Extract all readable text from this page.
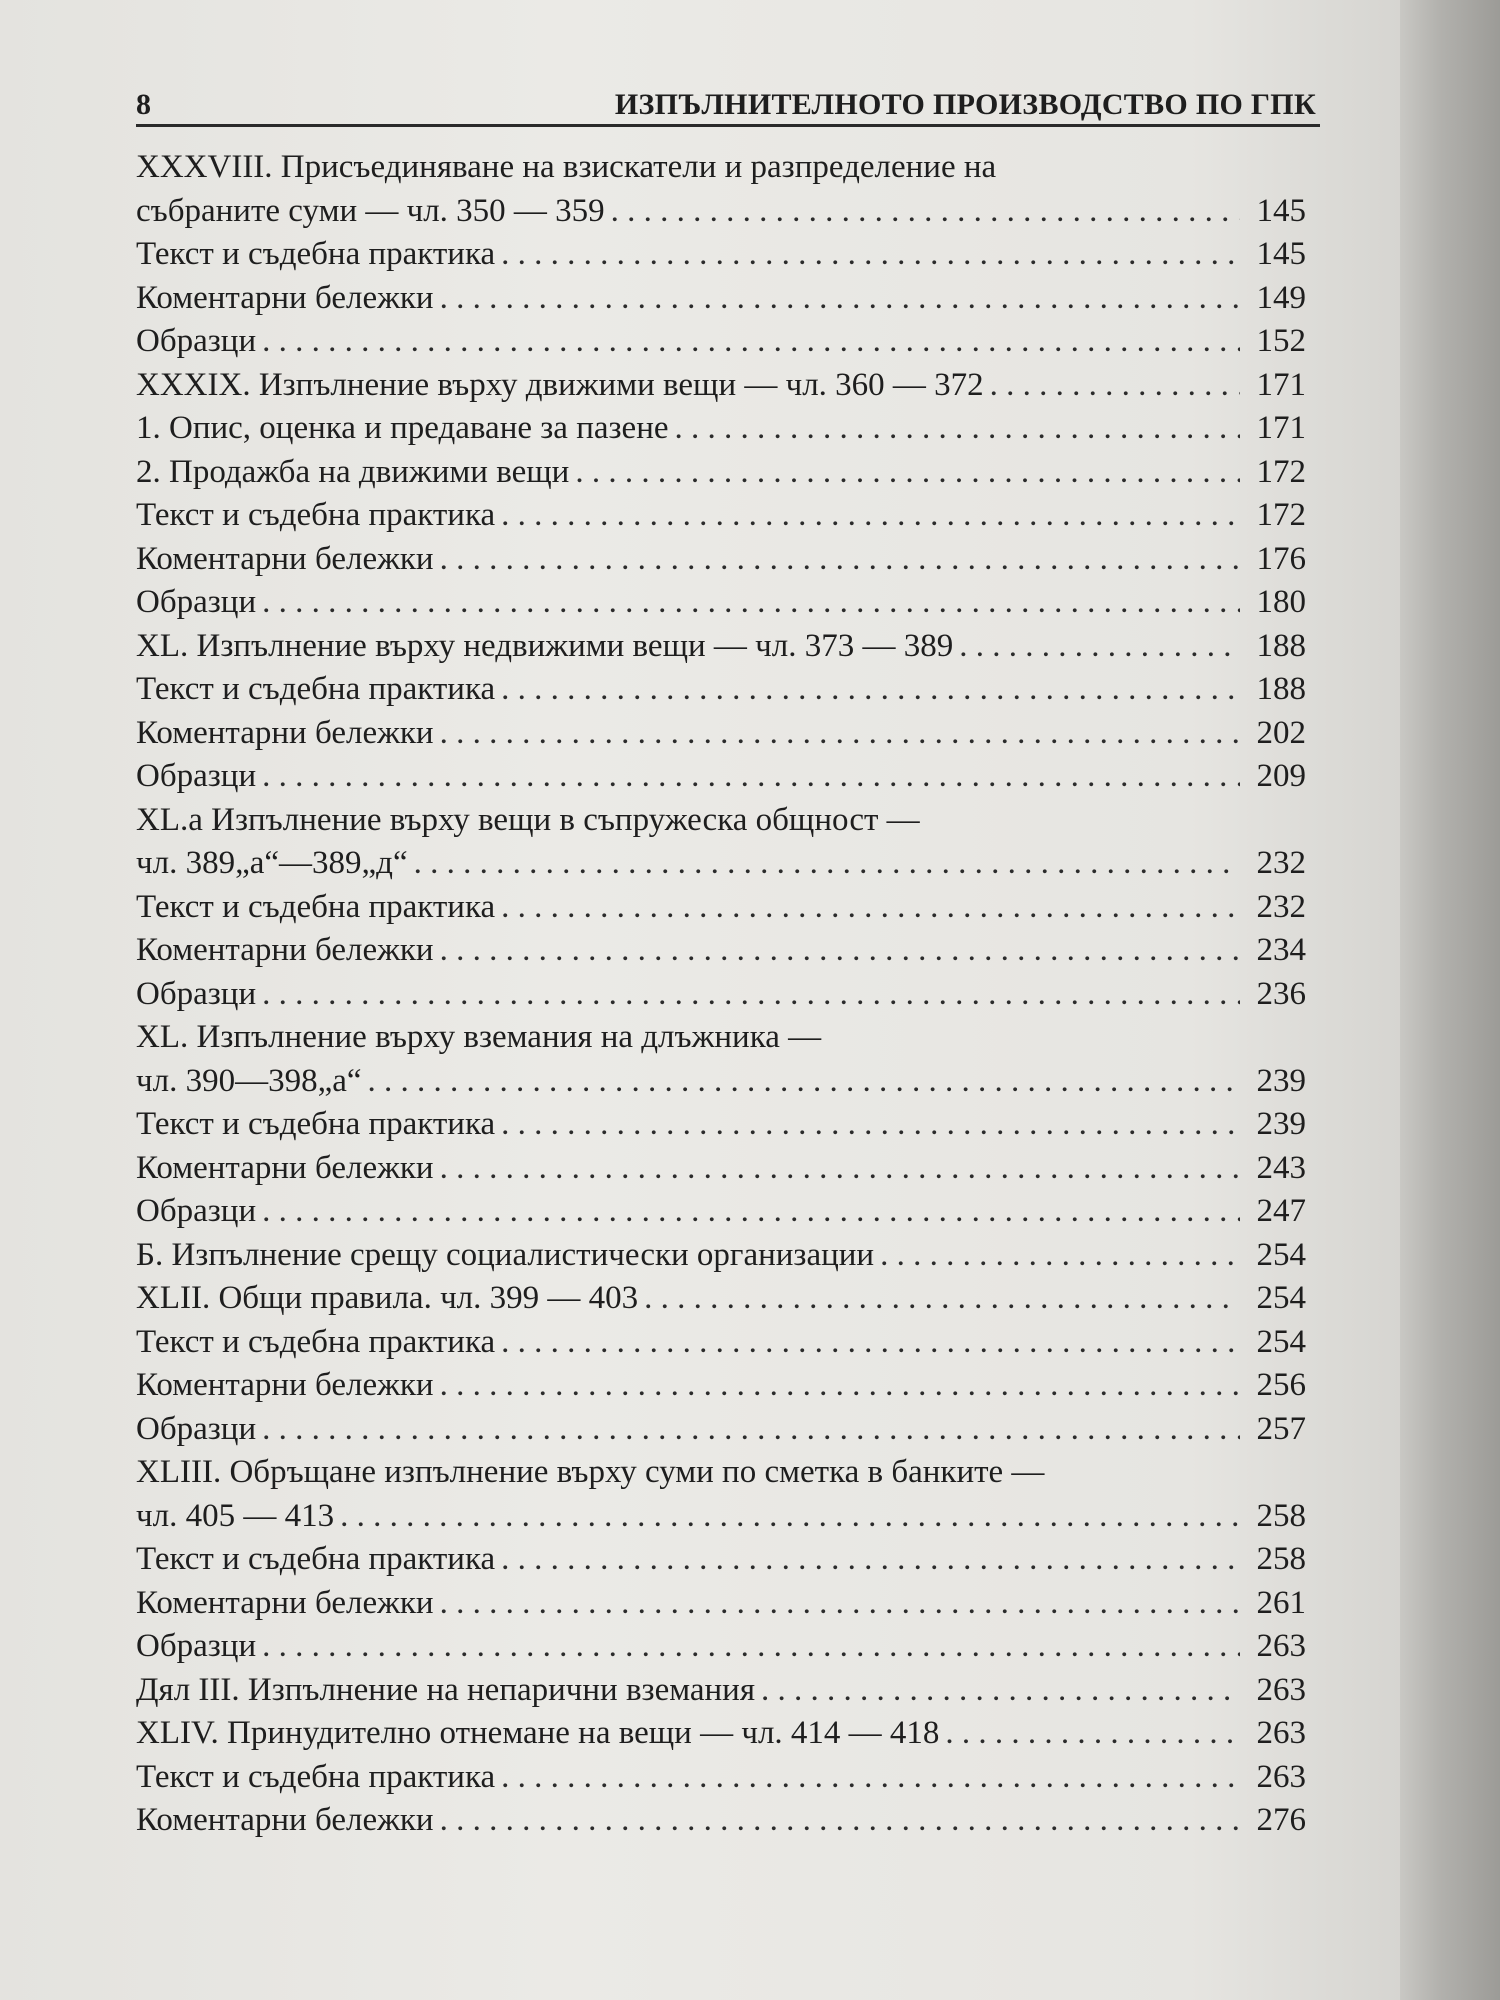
8	ИЗПЪЛНИТЕЛНОТО ПРОИЗВОДСТВО ПО ГПК
XXXVIII. Присъединяване на взискатели и разпределение на
събраните суми — чл. 350 — 359 . . .	145
Текст и съдебна практика . . .	145
Коментарни бележки . . .	149
Образци . . .	152
XXXIX. Изпълнение върху движими вещи — чл. 360 — 372 . . .	171
1. Опис, оценка и предаване за пазене . . .	171
2. Продажба на движими вещи . . .	172
Текст и съдебна практика . . .	172
Коментарни бележки . . .	176
Образци . . .	180
XL. Изпълнение върху недвижими вещи — чл. 373 — 389 . . .	188
Текст и съдебна практика . . .	188
Коментарни бележки . . .	202
Образци . . .	209
XL.а Изпълнение върху вещи в съпружеска общност —
чл. 389„а“—389„д“ . . .	232
Текст и съдебна практика . . .	232
Коментарни бележки . . .	234
Образци . . .	236
XL. Изпълнение върху вземания на длъжника —
чл. 390—398„а“ . . .	239
Текст и съдебна практика . . .	239
Коментарни бележки . . .	243
Образци . . .	247
Б. Изпълнение срещу социалистически организации . . .	254
XLII. Общи правила. чл. 399 — 403 . . .	254
Текст и съдебна практика . . .	254
Коментарни бележки . . .	256
Образци . . .	257
XLIII. Обръщане изпълнение върху суми по сметка в банките —
чл. 405 — 413 . . .	258
Текст и съдебна практика . . .	258
Коментарни бележки . . .	261
Образци . . .	263
Дял III. Изпълнение на непарични вземания . . .	263
XLIV. Принудително отнемане на вещи — чл. 414 — 418 . . .	263
Текст и съдебна практика . . .	263
Коментарни бележки . . .	276
